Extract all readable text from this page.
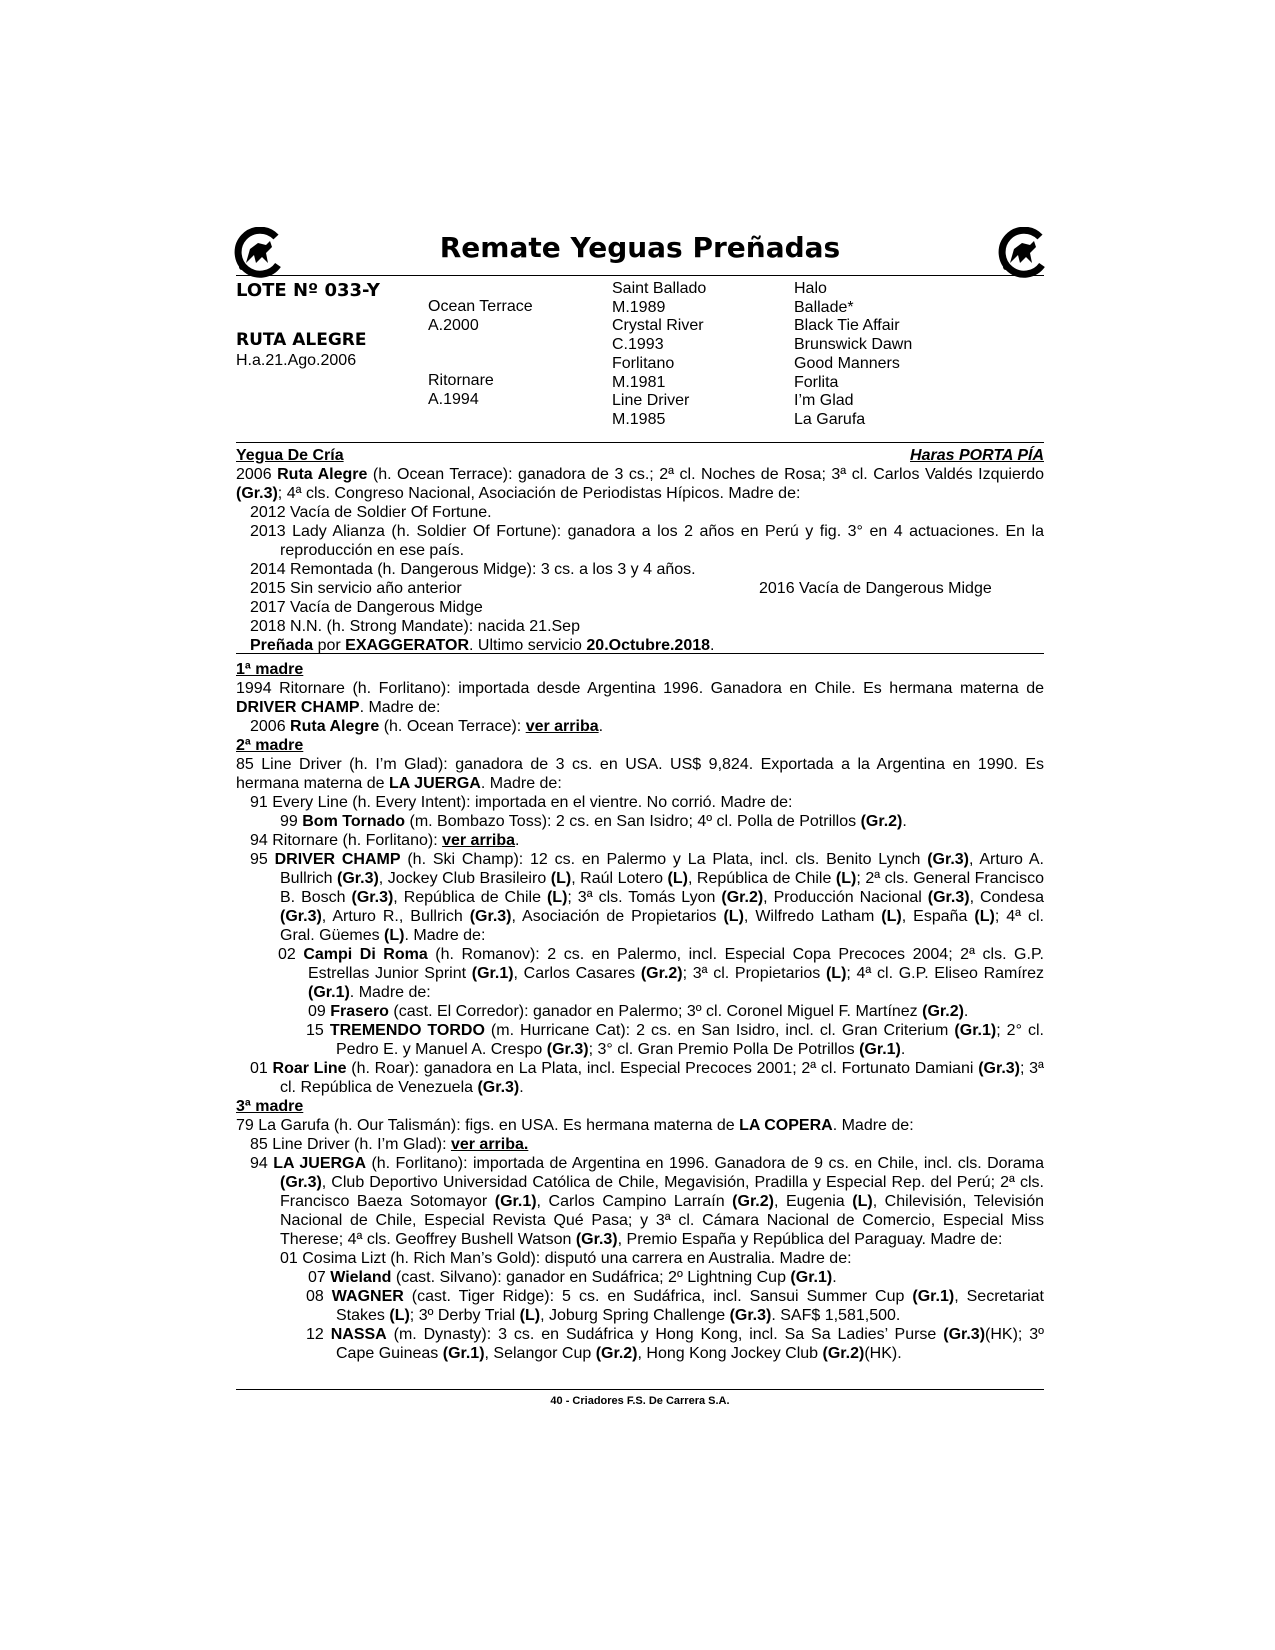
Remate Yeguas Preñadas
LOTE Nº 033-Y
RUTA ALEGRE
H.a.21.Ago.2006
Ocean Terrace
A.2000
Ritornare
A.1994
Saint Ballado
M.1989
Crystal River
C.1993
Forlitano
M.1981
Line Driver
M.1985
Halo
Ballade*
Black Tie Affair
Brunswick Dawn
Good Manners
Forlita
I’m Glad
La Garufa

Yegua De Cría	Haras PORTA PÍA

2006 Ruta Alegre (h. Ocean Terrace): ganadora de 3 cs.; 2ª cl. Noches de Rosa; 3ª cl. Carlos Valdés Izquierdo (Gr.3); 4ª cls. Congreso Nacional, Asociación de Periodistas Hípicos. Madre de:

2012 Vacía de Soldier Of Fortune.

2013 Lady Alianza (h. Soldier Of Fortune): ganadora a los 2 años en Perú y fig. 3° en 4 actuaciones. En la reproducción en ese país.

2014 Remontada (h. Dangerous Midge): 3 cs. a los 3 y 4 años.

2015 Sin servicio año anterior	2016 Vacía de Dangerous Midge

2017 Vacía de Dangerous Midge

2018 N.N. (h. Strong Mandate): nacida 21.Sep

Preñada por EXAGGERATOR. Ultimo servicio 20.Octubre.2018.

1ª madre

1994 Ritornare (h. Forlitano): importada desde Argentina 1996. Ganadora en Chile. Es hermana materna de DRIVER CHAMP. Madre de:

2006 Ruta Alegre (h. Ocean Terrace): ver arriba.

2ª madre

85 Line Driver (h. I’m Glad): ganadora de 3 cs. en USA. US$ 9,824. Exportada a la Argentina en 1990. Es hermana materna de LA JUERGA. Madre de:

91 Every Line (h. Every Intent): importada en el vientre. No corrió. Madre de:

99 Bom Tornado (m. Bombazo Toss): 2 cs. en San Isidro; 4º cl. Polla de Potrillos (Gr.2).

94 Ritornare (h. Forlitano): ver arriba.

95 DRIVER CHAMP (h. Ski Champ): 12 cs. en Palermo y La Plata, incl. cls. Benito Lynch (Gr.3), Arturo A. Bullrich (Gr.3), Jockey Club Brasileiro (L), Raúl Lotero (L), República de Chile (L); 2ª cls. General Francisco B. Bosch (Gr.3), República de Chile (L); 3ª cls. Tomás Lyon (Gr.2), Producción Nacional (Gr.3), Condesa (Gr.3), Arturo R., Bullrich (Gr.3), Asociación de Propietarios (L), Wilfredo Latham (L), España (L); 4ª cl. Gral. Güemes (L). Madre de:

02 Campi Di Roma (h. Romanov): 2 cs. en Palermo, incl. Especial Copa Precoces 2004; 2ª cls. G.P. Estrellas Junior Sprint (Gr.1), Carlos Casares (Gr.2); 3ª cl. Propietarios (L); 4ª cl. G.P. Eliseo Ramírez (Gr.1). Madre de:

09 Frasero (cast. El Corredor): ganador en Palermo; 3º cl. Coronel Miguel F. Martínez (Gr.2).

15 TREMENDO TORDO (m. Hurricane Cat): 2 cs. en San Isidro, incl. cl. Gran Criterium (Gr.1); 2° cl. Pedro E. y Manuel A. Crespo (Gr.3); 3° cl. Gran Premio Polla De Potrillos (Gr.1).

01 Roar Line (h. Roar): ganadora en La Plata, incl. Especial Precoces 2001; 2ª cl. Fortunato Damiani (Gr.3); 3ª cl. República de Venezuela (Gr.3).

3ª madre

79 La Garufa (h. Our Talismán): figs. en USA. Es hermana materna de LA COPERA. Madre de:

85 Line Driver (h. I’m Glad): ver arriba.

94 LA JUERGA (h. Forlitano): importada de Argentina en 1996. Ganadora de 9 cs. en Chile, incl. cls. Dorama (Gr.3), Club Deportivo Universidad Católica de Chile, Megavisión, Pradilla y Especial Rep. del Perú; 2ª cls. Francisco Baeza Sotomayor (Gr.1), Carlos Campino Larraín (Gr.2), Eugenia (L), Chilevisión, Televisión Nacional de Chile, Especial Revista Qué Pasa; y 3ª cl. Cámara Nacional de Comercio, Especial Miss Therese; 4ª cls. Geoffrey Bushell Watson (Gr.3), Premio España y República del Paraguay. Madre de:

01 Cosima Lizt (h. Rich Man’s Gold): disputó una carrera en Australia. Madre de:

07 Wieland (cast. Silvano): ganador en Sudáfrica; 2º Lightning Cup (Gr.1).

08 WAGNER (cast. Tiger Ridge): 5 cs. en Sudáfrica, incl. Sansui Summer Cup (Gr.1), Secretariat Stakes (L); 3º Derby Trial (L), Joburg Spring Challenge (Gr.3). SAF$ 1,581,500.

12 NASSA (m. Dynasty): 3 cs. en Sudáfrica y Hong Kong, incl. Sa Sa Ladies’ Purse (Gr.3)(HK); 3º Cape Guineas (Gr.1), Selangor Cup (Gr.2), Hong Kong Jockey Club (Gr.2)(HK).

40 - Criadores F.S. De Carrera S.A.
